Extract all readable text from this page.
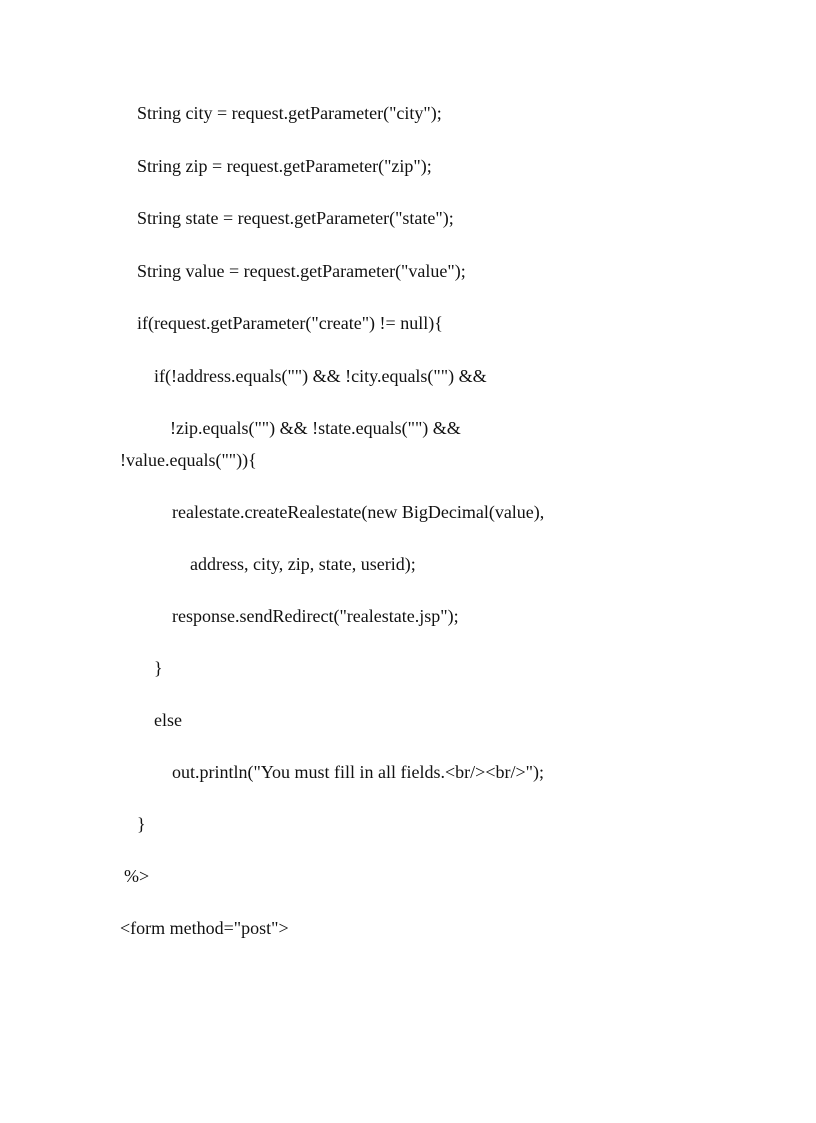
String city = request.getParameter("city");

String zip = request.getParameter("zip");

String state = request.getParameter("state");

String value = request.getParameter("value");

if(request.getParameter("create") != null){

if(!address.equals("") && !city.equals("") &&

!zip.equals("") && !state.equals("") &&

!value.equals("")){

realestate.createRealestate(new BigDecimal(value),

address, city, zip, state, userid);

response.sendRedirect("realestate.jsp");

}

else

out.println("You must fill in all fields.<br/><br/>");

}

%>

<form method="post">
